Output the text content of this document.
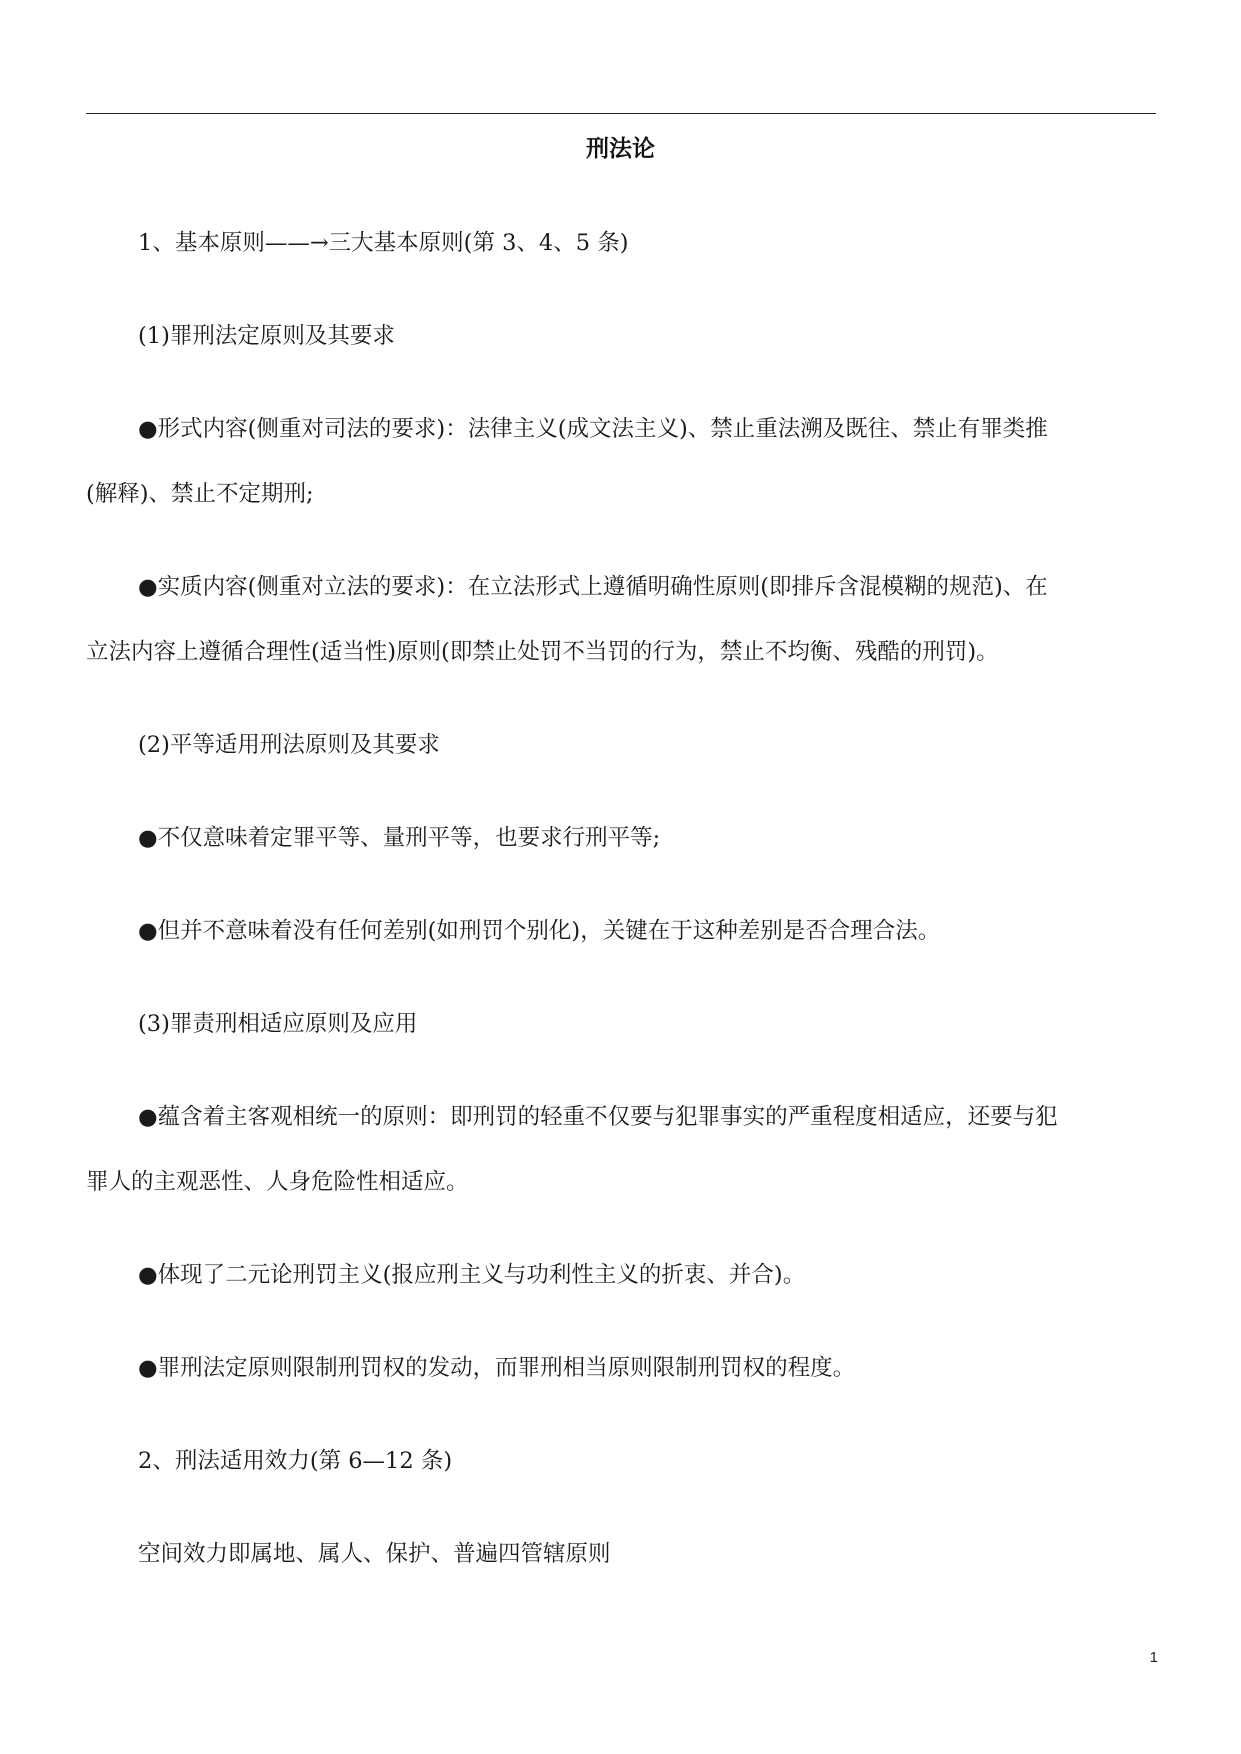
刑法论
1、基本原则——→三大基本原则(第 3、4、5 条)
(1)罪刑法定原则及其要求
●形式内容(侧重对司法的要求)：法律主义(成文法主义)、禁止重法溯及既往、禁止有罪类推
(解释)、禁止不定期刑;
●实质内容(侧重对立法的要求)：在立法形式上遵循明确性原则(即排斥含混模糊的规范)、在
立法内容上遵循合理性(适当性)原则(即禁止处罚不当罚的行为，禁止不均衡、残酷的刑罚)。
(2)平等适用刑法原则及其要求
●不仅意味着定罪平等、量刑平等，也要求行刑平等;
●但并不意味着没有任何差别(如刑罚个别化)，关键在于这种差别是否合理合法。
(3)罪责刑相适应原则及应用
●蕴含着主客观相统一的原则：即刑罚的轻重不仅要与犯罪事实的严重程度相适应，还要与犯
罪人的主观恶性、人身危险性相适应。
●体现了二元论刑罚主义(报应刑主义与功利性主义的折衷、并合)。
●罪刑法定原则限制刑罚权的发动，而罪刑相当原则限制刑罚权的程度。
2、刑法适用效力(第 6—12 条)
空间效力即属地、属人、保护、普遍四管辖原则
1
